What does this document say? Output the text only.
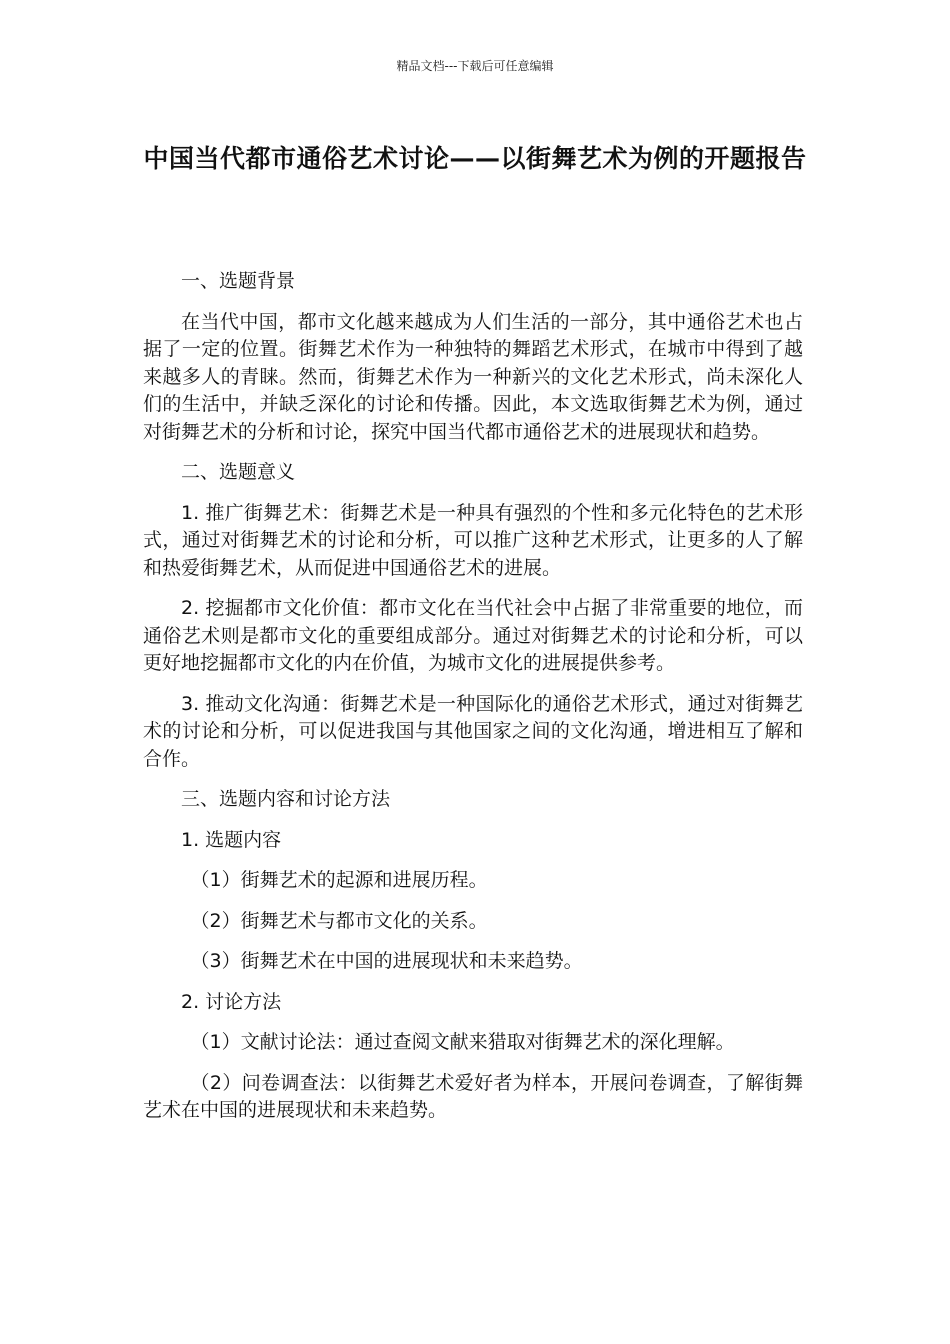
精品文档---下载后可任意编辑
中国当代都市通俗艺术讨论——以街舞艺术为例的开题报告

一、选题背景

在当代中国，都市文化越来越成为人们生活的一部分，其中通俗艺术也占据了一定的位置。街舞艺术作为一种独特的舞蹈艺术形式，在城市中得到了越来越多人的青睐。然而，街舞艺术作为一种新兴的文化艺术形式，尚未深化人们的生活中，并缺乏深化的讨论和传播。因此，本文选取街舞艺术为例，通过对街舞艺术的分析和讨论，探究中国当代都市通俗艺术的进展现状和趋势。

二、选题意义

1. 推广街舞艺术：街舞艺术是一种具有强烈的个性和多元化特色的艺术形式，通过对街舞艺术的讨论和分析，可以推广这种艺术形式，让更多的人了解和热爱街舞艺术，从而促进中国通俗艺术的进展。

2. 挖掘都市文化价值：都市文化在当代社会中占据了非常重要的地位，而通俗艺术则是都市文化的重要组成部分。通过对街舞艺术的讨论和分析，可以更好地挖掘都市文化的内在价值，为城市文化的进展提供参考。

3. 推动文化沟通：街舞艺术是一种国际化的通俗艺术形式，通过对街舞艺术的讨论和分析，可以促进我国与其他国家之间的文化沟通，增进相互了解和合作。

三、选题内容和讨论方法

1. 选题内容

（1）街舞艺术的起源和进展历程。

（2）街舞艺术与都市文化的关系。

（3）街舞艺术在中国的进展现状和未来趋势。

2. 讨论方法

（1）文献讨论法：通过查阅文献来猎取对街舞艺术的深化理解。

（2）问卷调查法：以街舞艺术爱好者为样本，开展问卷调查，了解街舞艺术在中国的进展现状和未来趋势。
